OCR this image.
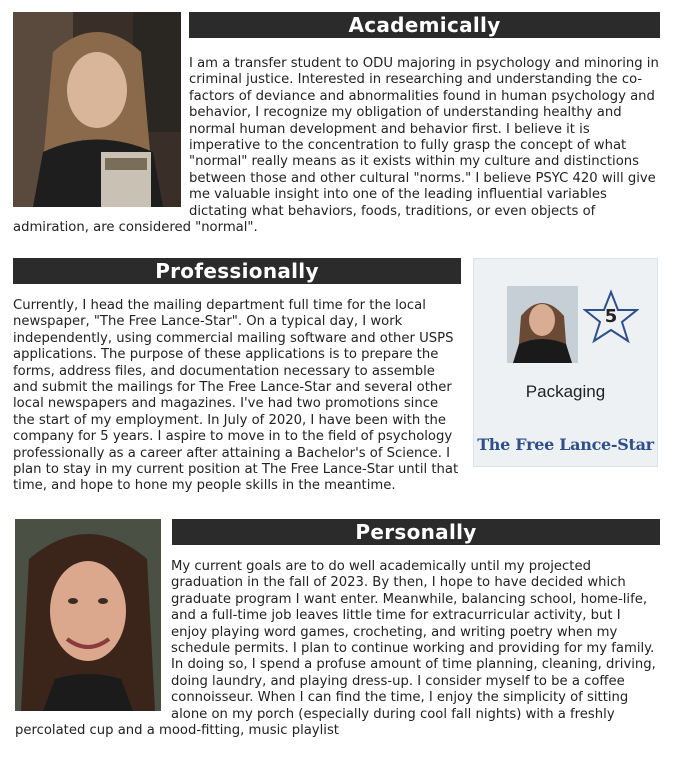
Academically

I am a transfer student to ODU majoring in psychology and minoring in criminal justice. Interested in researching and understanding the co-factors of deviance and abnormalities found in human psychology and behavior, I recognize my obligation of understanding healthy and normal human development and behavior first. I believe it is imperative to the concentration to fully grasp the concept of what "normal" really means as it exists within my culture and distinctions between those and other cultural "norms." I believe PSYC 420 will give me valuable insight into one of the leading influential variables dictating what behaviors, foods, traditions, or even objects of admiration, are considered "normal".

Professionally
5
Packaging
The Free Lance-Star

Currently, I head the mailing department full time for the local newspaper, "The Free Lance-Star". On a typical day, I work independently, using commercial mailing software and other USPS applications. The purpose of these applications is to prepare the forms, address files, and documentation necessary to assemble and submit the mailings for The Free Lance-Star and several other local newspapers and magazines. I've had two promotions since the start of my employment. In July of 2020, I have been with the company for 5 years. I aspire to move in to the field of psychology professionally as a career after attaining a Bachelor's of Science. I plan to stay in my current position at The Free Lance-Star until that time, and hope to hone my people skills in the meantime.

Personally

My current goals are to do well academically until my projected graduation in the fall of 2023. By then, I hope to have decided which graduate program I want enter. Meanwhile, balancing school, home-life, and a full-time job leaves little time for extracurricular activity, but I enjoy playing word games, crocheting, and writing poetry when my schedule permits. I plan to continue working and providing for my family. In doing so, I spend a profuse amount of time planning, cleaning, driving, doing laundry, and playing dress-up. I consider myself to be a coffee connoisseur. When I can find the time, I enjoy the simplicity of sitting alone on my porch (especially during cool fall nights) with a freshly percolated cup and a mood-fitting, music playlist
